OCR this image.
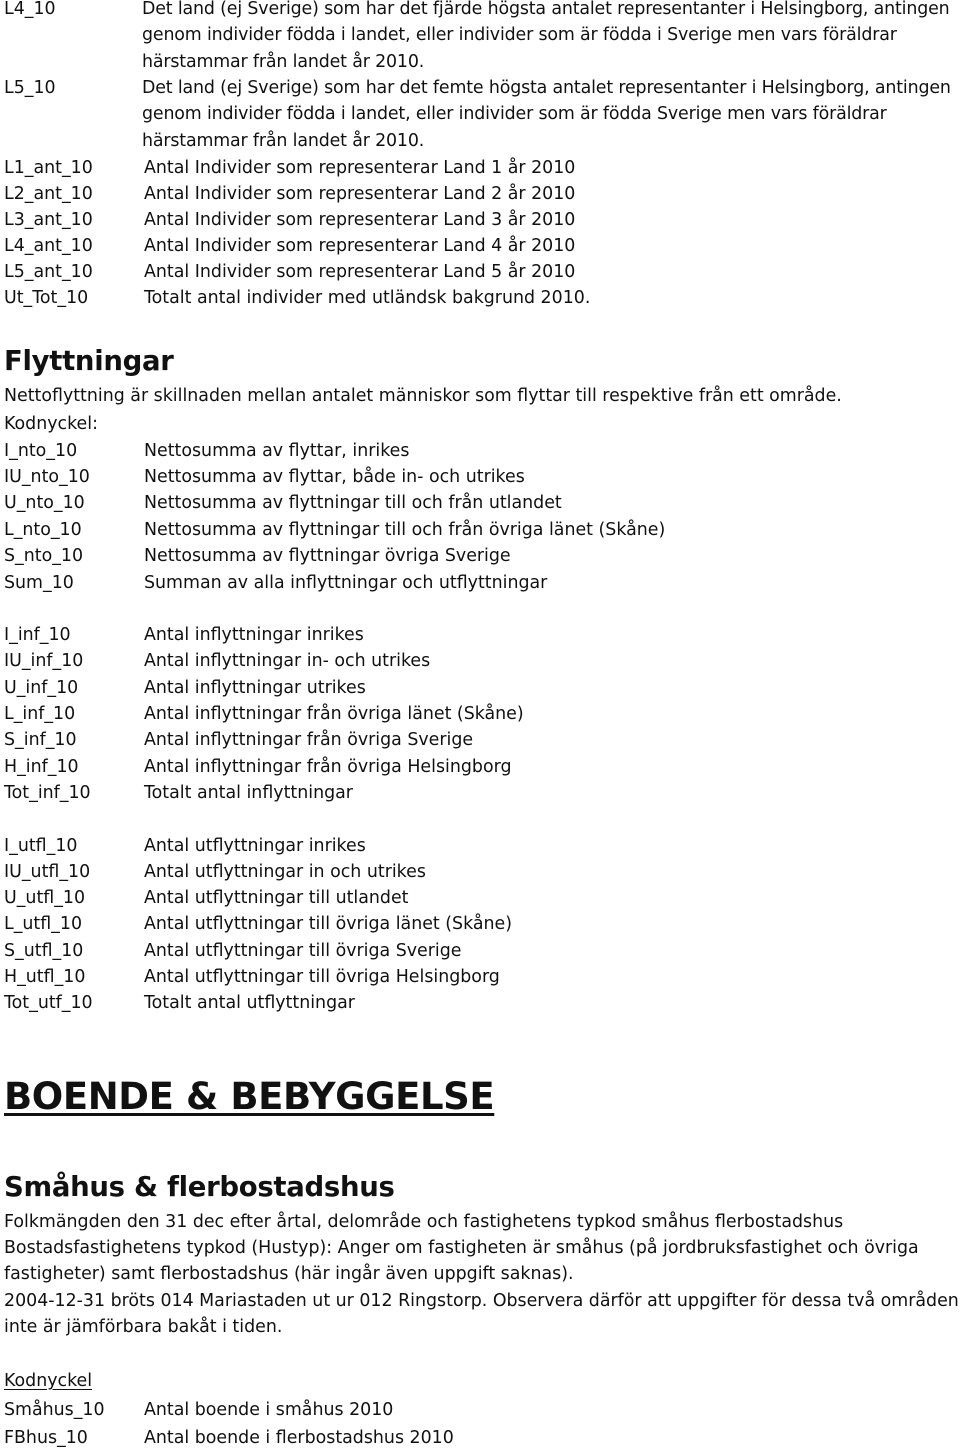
L4_10	Det land (ej Sverige) som har det fjärde högsta antalet representanter i Helsingborg, antingen genom individer födda i landet, eller individer som är födda i Sverige men vars föräldrar härstammar från landet år 2010.
L5_10	Det land (ej Sverige) som har det femte högsta antalet representanter i Helsingborg, antingen genom individer födda i landet, eller individer som är födda Sverige men vars föräldrar härstammar från landet år 2010.
L1_ant_10	Antal Individer som representerar Land 1 år 2010
L2_ant_10	Antal Individer som representerar Land 2 år 2010
L3_ant_10	Antal Individer som representerar Land 3 år 2010
L4_ant_10	Antal Individer som representerar Land 4 år 2010
L5_ant_10	Antal Individer som representerar Land 5 år 2010
Ut_Tot_10	Totalt antal individer med utländsk bakgrund 2010.
Flyttningar
Nettoflyttning är skillnaden mellan antalet människor som flyttar till respektive från ett område.
Kodnyckel:
I_nto_10	Nettosumma av flyttar, inrikes
IU_nto_10	Nettosumma av flyttar, både in- och utrikes
U_nto_10	Nettosumma av flyttningar till och från utlandet
L_nto_10	Nettosumma av flyttningar till och från övriga länet (Skåne)
S_nto_10	Nettosumma av flyttningar övriga Sverige
Sum_10	Summan av alla inflyttningar och utflyttningar
I_inf_10	Antal inflyttningar inrikes
IU_inf_10	Antal inflyttningar in- och utrikes
U_inf_10	Antal inflyttningar utrikes
L_inf_10	Antal inflyttningar från övriga länet (Skåne)
S_inf_10	Antal inflyttningar från övriga Sverige
H_inf_10	Antal inflyttningar från övriga Helsingborg
Tot_inf_10	Totalt antal inflyttningar
I_utfl_10	Antal utflyttningar inrikes
IU_utfl_10	Antal utflyttningar in och utrikes
U_utfl_10	Antal utflyttningar till utlandet
L_utfl_10	Antal utflyttningar till övriga länet (Skåne)
S_utfl_10	Antal utflyttningar till övriga Sverige
H_utfl_10	Antal utflyttningar till övriga Helsingborg
Tot_utf_10	Totalt antal utflyttningar
BOENDE & BEBYGGELSE
Småhus & flerbostadshus
Folkmängden den 31 dec efter årtal, delområde och fastighetens typkod småhus flerbostadshus
Bostadsfastighetens typkod (Hustyp): Anger om fastigheten är småhus (på jordbruksfastighet och övriga
fastigheter) samt flerbostadshus (här ingår även uppgift saknas).
2004-12-31 bröts 014 Mariastaden ut ur 012 Ringstorp. Observera därför att uppgifter för dessa två områden
inte är jämförbara bakåt i tiden.
Kodnyckel
Småhus_10 Antal boende i småhus 2010
FBhus_10	Antal boende i flerbostadshus 2010
